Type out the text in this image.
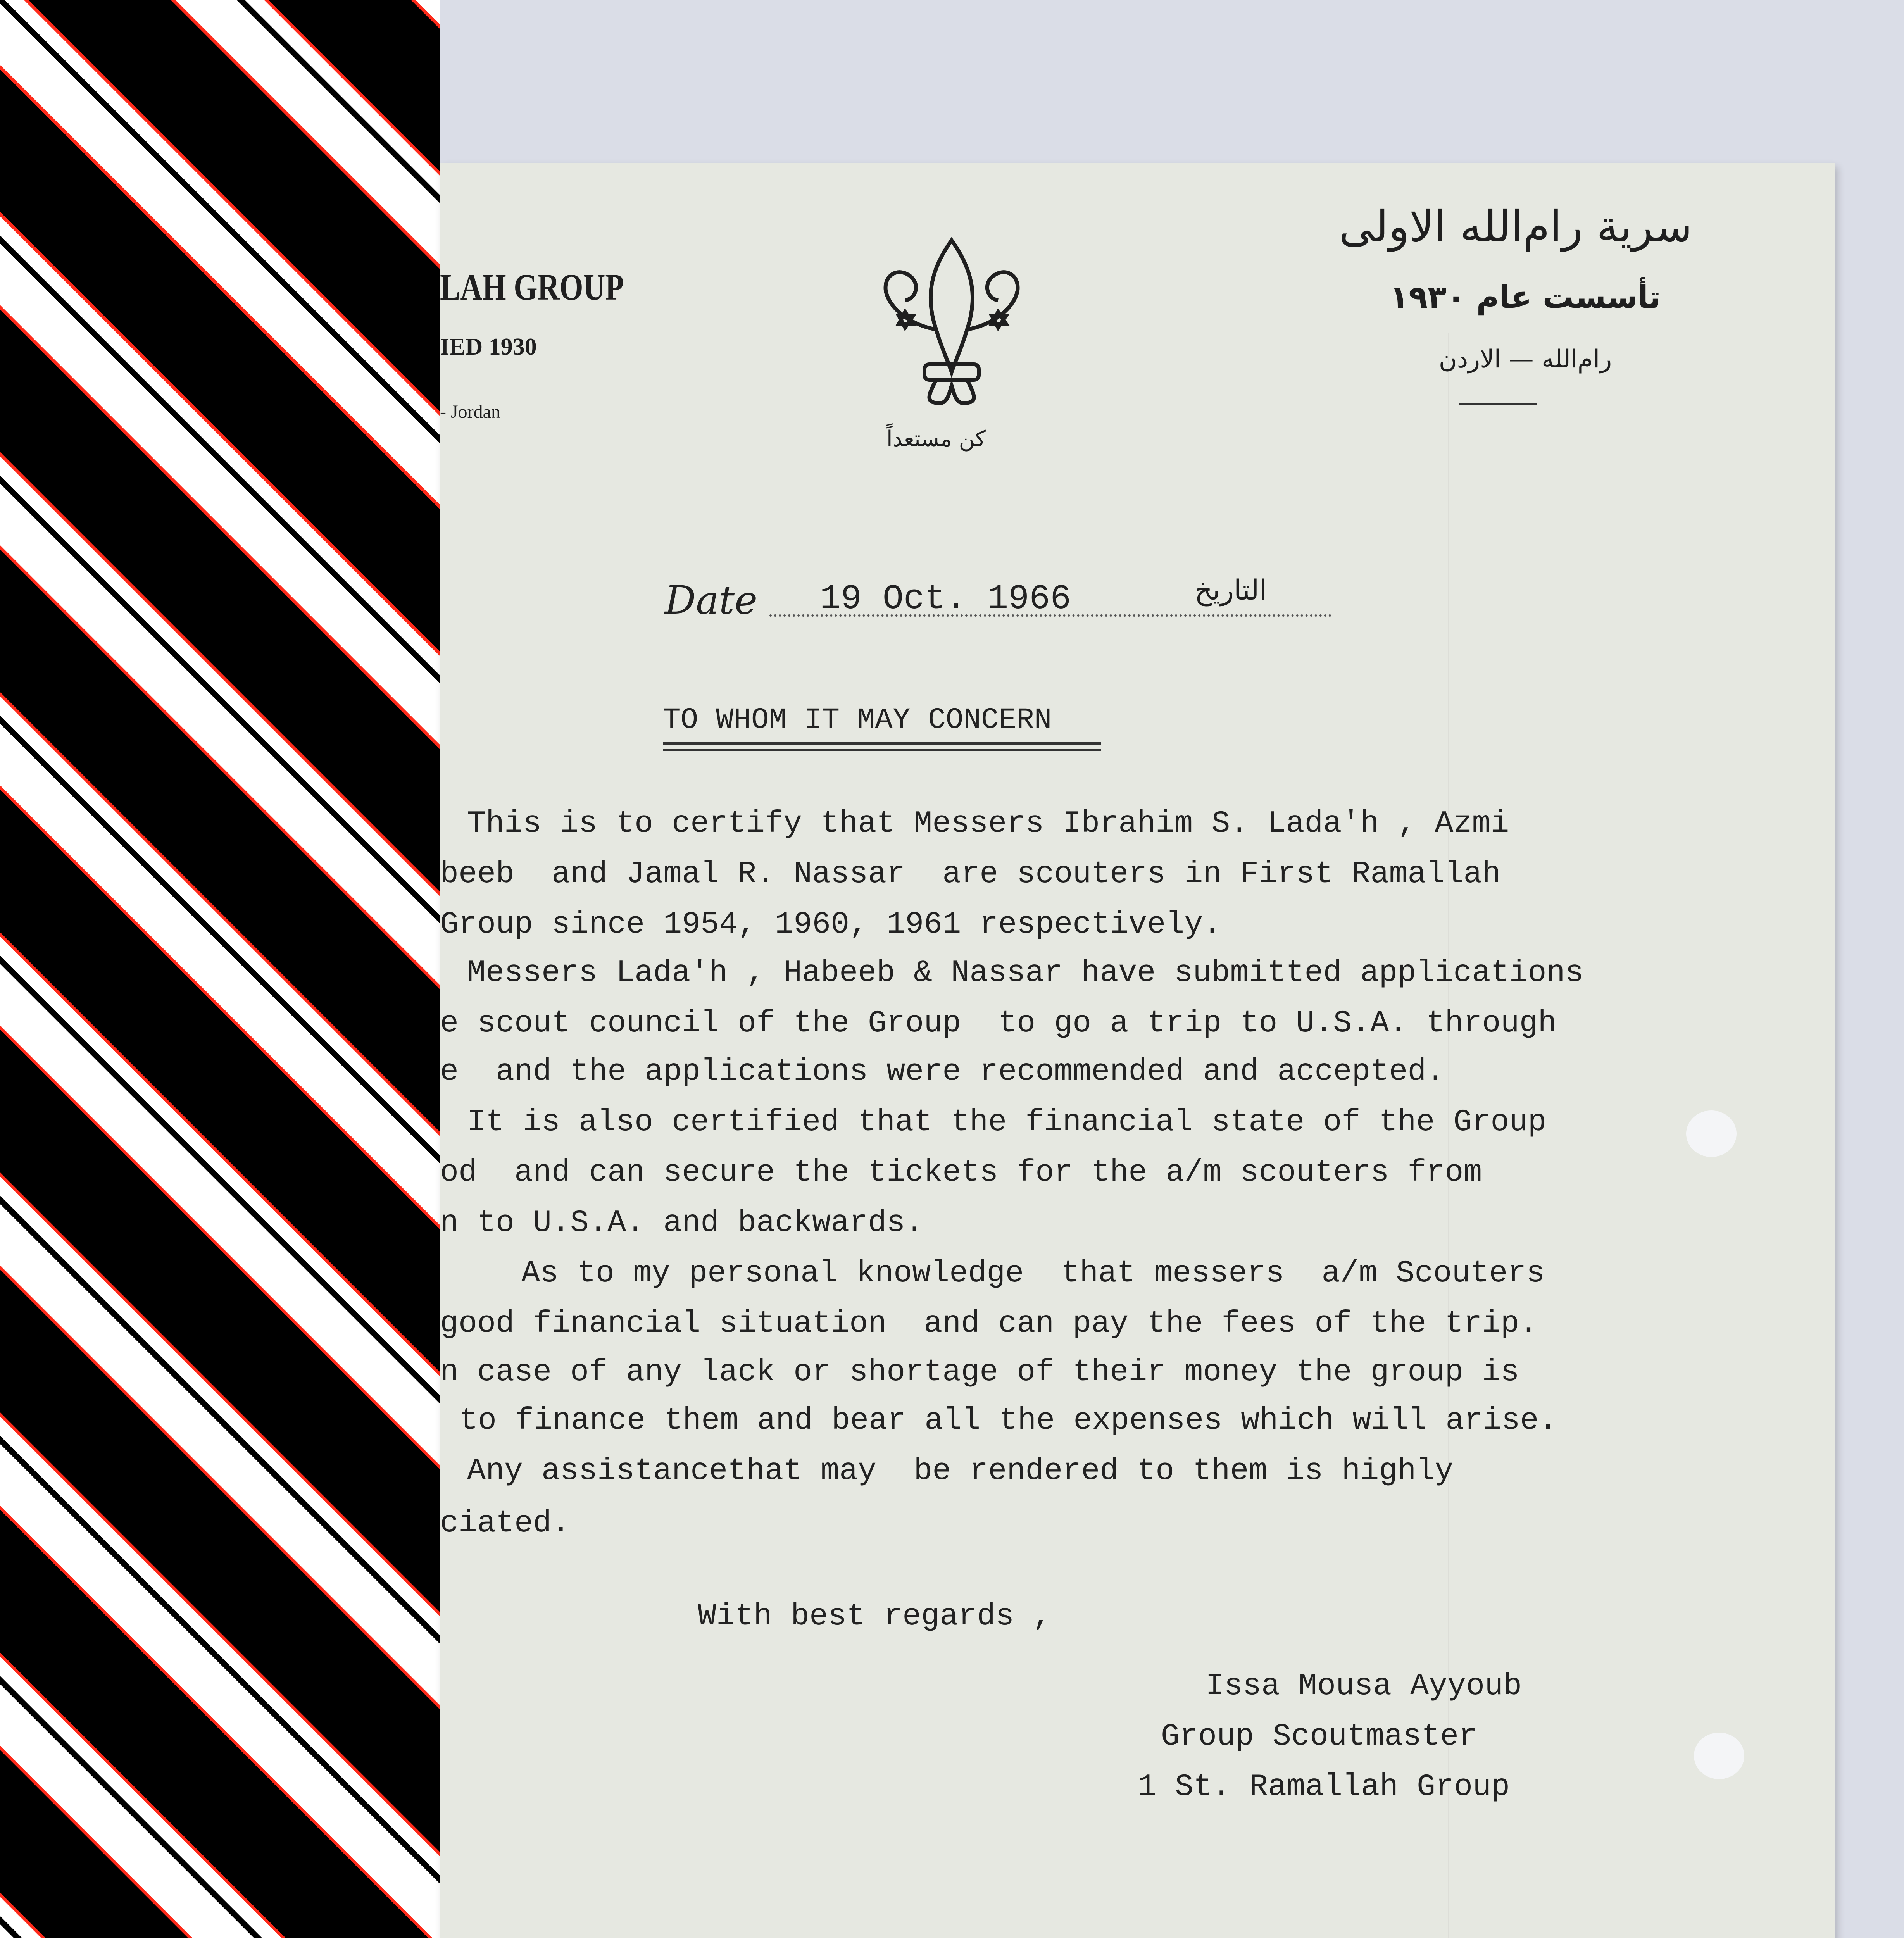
LAH GROUP
IED 1930
- Jordan
كن مستعداً
سرية رام‌الله الاولى
تأسست عام ١٩٣٠
رام‌الله — الاردن
Date 19 Oct. 1966	التاريخ
TO WHOM IT MAY CONCERN
This is to certify that Messers Ibrahim S. Lada'h , Azmi
beeb  and Jamal R. Nassar  are scouters in First Ramallah
Group since 1954, 1960, 1961 respectively.
Messers Lada'h , Habeeb & Nassar have submitted applications
e scout council of the Group  to go a trip to U.S.A. through
e  and the applications were recommended and accepted.
It is also certified that the financial state of the Group
od  and can secure the tickets for the a/m scouters from
n to U.S.A. and backwards.
As to my personal knowledge  that messers  a/m Scouters
good financial situation  and can pay the fees of the trip.
n case of any lack or shortage of their money the group is
to finance them and bear all the expenses which will arise.
Any assistancethat may  be rendered to them is highly
ciated.
With best regards ,
Issa Mousa Ayyoub
Group Scoutmaster
1 St. Ramallah Group
